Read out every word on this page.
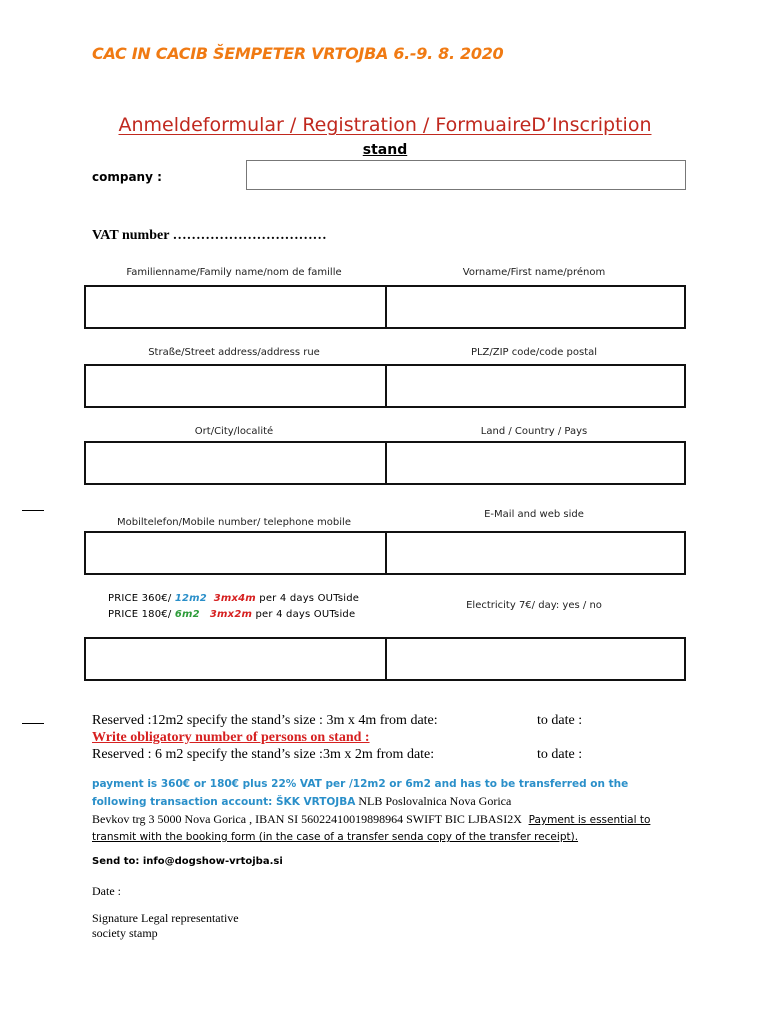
CAC IN CACIB ŠEMPETER VRTOJBA 6.-9. 8. 2020
Anmeldeformular / Registration / FormuaireD’Inscription
stand
company :
VAT number ……………………………
Familienname/Family name/nom de famille	Vorname/First name/prénom
Straße/Street address/address rue	PLZ/ZIP code/code postal
Ort/City/localité	Land / Country / Pays
Mobiltelefon/Mobile number/ telephone mobile
E-Mail and web side
PRICE 360€/ 12m2 3mx4m per 4 days OUTside
PRICE 180€/ 6m2 3mx2m per 4 days OUTside
Electricity 7€/ day: yes / no
Reserved :12m2 specify the stand’s size : 3m x 4m from date:	to date :
Write obligatory number of persons on stand :
Reserved : 6 m2 specify the stand’s size :3m x 2m from date:	to date :
payment is 360€ or 180€ plus 22% VAT per /12m2 or 6m2 and has to be transferred on the
following transaction account: ŠKK VRTOJBA NLB Poslovalnica Nova Gorica
Bevkov trg 3 5000 Nova Gorica , IBAN SI 56022410019898964 SWIFT BIC LJBASI2X Payment is essential to
transmit with the booking form (in the case of a transfer senda copy of the transfer receipt).
Send to: info@dogshow-vrtojba.si
Date :
Signature Legal representative
society stamp
